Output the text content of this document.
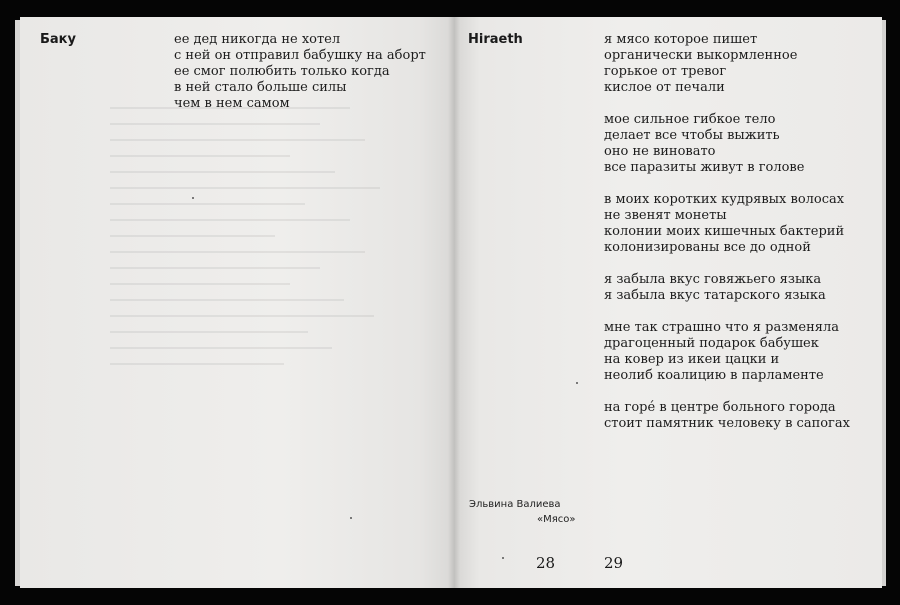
Баку	ее дед никогда не хотел
с ней он отправил бабушку на аборт
ее смог полюбить только когда
в ней стало больше силы
чем в нем самом
Hiraeth	я мясо которое пишет
органически выкормленное
горькое от тревог
кислое от печали
мое сильное гибкое тело
делает все чтобы выжить
оно не виновато
все паразиты живут в голове
в моих коротких кудрявых волосах
не звенят монеты
колонии моих кишечных бактерий
колонизированы все до одной
я забыла вкус говяжьего языка
я забыла вкус татарского языка
мне так страшно что я разменяла
драгоценный подарок бабушек
на ковер из икеи цацки и
неолиб коалицию в парламенте
на горé в центре больного города
стоит памятник человеку в сапогах
Эльвина Валиева
«Мясо»
29
28
